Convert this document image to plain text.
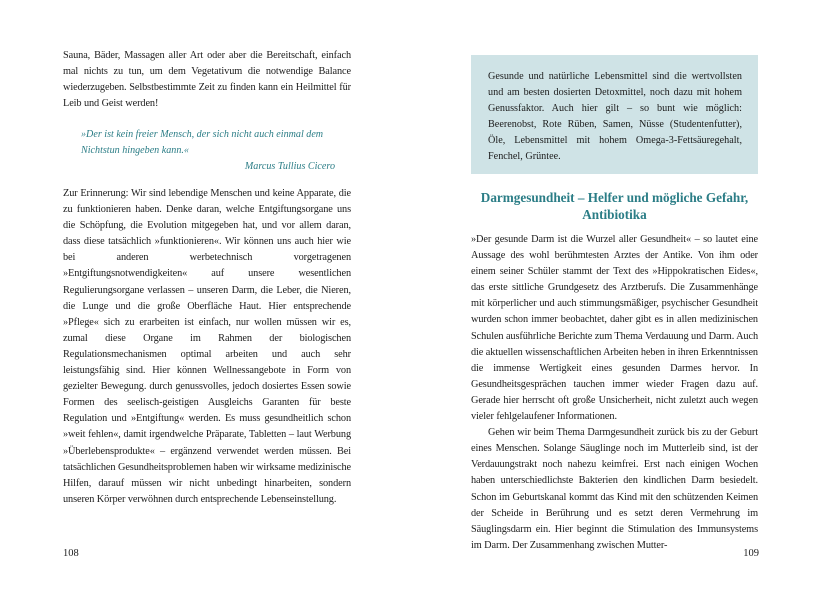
Sauna, Bäder, Massagen aller Art oder aber die Bereitschaft, einfach mal nichts zu tun, um dem Vegetativum die notwendige Balance wiederzugeben. Selbstbestimmte Zeit zu finden kann ein Heilmittel für Leib und Geist werden!

»Der ist kein freier Mensch, der sich nicht auch einmal dem Nichtstun hingeben kann.«

Marcus Tullius Cicero

Zur Erinnerung: Wir sind lebendige Menschen und keine Apparate, die zu funktionieren haben. Denke daran, welche Entgiftungsorgane uns die Schöpfung, die Evolution mitgegeben hat, und vor allem daran, dass diese tatsächlich »funktionieren«. Wir können uns auch hier wie bei anderen werbetechnisch vorgetragenen »Entgiftungsnotwendigkeiten« auf unsere wesentlichen Regulierungsorgane verlassen – unseren Darm, die Leber, die Nieren, die Lunge und die große Oberfläche Haut. Hier entsprechende »Pflege« sich zu erarbeiten ist einfach, nur wollen müssen wir es, zumal diese Organe im Rahmen der biologischen Regulationsmechanismen optimal arbeiten und auch sehr leistungsfähig sind. Hier können Wellnessangebote in Form von gezielter Bewegung. durch genussvolles, jedoch dosiertes Essen sowie Formen des seelisch-geistigen Ausgleichs Garanten für beste Regulation und »Entgiftung« werden. Es muss gesundheitlich schon »weit fehlen«, damit irgendwelche Präparate, Tabletten – laut Werbung »Überlebensprodukte« – ergänzend verwendet werden müssen. Bei tatsächlichen Gesundheitsproblemen haben wir wirksame medizinische Hilfen, darauf müssen wir nicht unbedingt hinarbeiten, sondern unseren Körper verwöhnen durch entsprechende Lebenseinstellung.

108

Gesunde und natürliche Lebensmittel sind die wertvollsten und am besten dosierten Detoxmittel, noch dazu mit hohem Genussfaktor. Auch hier gilt – so bunt wie möglich: Beerenobst, Rote Rüben, Samen, Nüsse (Studentenfutter), Öle, Lebensmittel mit hohem Omega-3-Fettsäuregehalt, Fenchel, Grüntee.

Darmgesundheit – Helfer und mögliche Gefahr, Antibiotika

»Der gesunde Darm ist die Wurzel aller Gesundheit« – so lautet eine Aussage des wohl berühmtesten Arztes der Antike. Von ihm oder einem seiner Schüler stammt der Text des »Hippokratischen Eides«, das erste sittliche Grundgesetz des Arztberufs. Die Zusammenhänge mit körperlicher und auch stimmungsmäßiger, psychischer Gesundheit wurden schon immer beobachtet, daher gibt es in allen medizinischen Schulen ausführliche Berichte zum Thema Verdauung und Darm. Auch die aktuellen wissenschaftlichen Arbeiten heben in ihren Erkenntnissen die immense Wertigkeit eines gesunden Darmes hervor. In Gesundheitsgesprächen tauchen immer wieder Fragen dazu auf. Gerade hier herrscht oft große Unsicherheit, nicht zuletzt auch wegen vieler fehlgelaufener Informationen.

Gehen wir beim Thema Darmgesundheit zurück bis zu der Geburt eines Menschen. Solange Säuglinge noch im Mutterleib sind, ist der Verdauungstrakt noch nahezu keimfrei. Erst nach einigen Wochen haben unterschiedlichste Bakterien den kindlichen Darm besiedelt. Schon im Geburtskanal kommt das Kind mit den schützenden Keimen der Scheide in Berührung und es setzt deren Vermehrung im Säuglingsdarm ein. Hier beginnt die Stimulation des Immunsystems im Darm. Der Zusammenhang zwischen Mutter-

109
